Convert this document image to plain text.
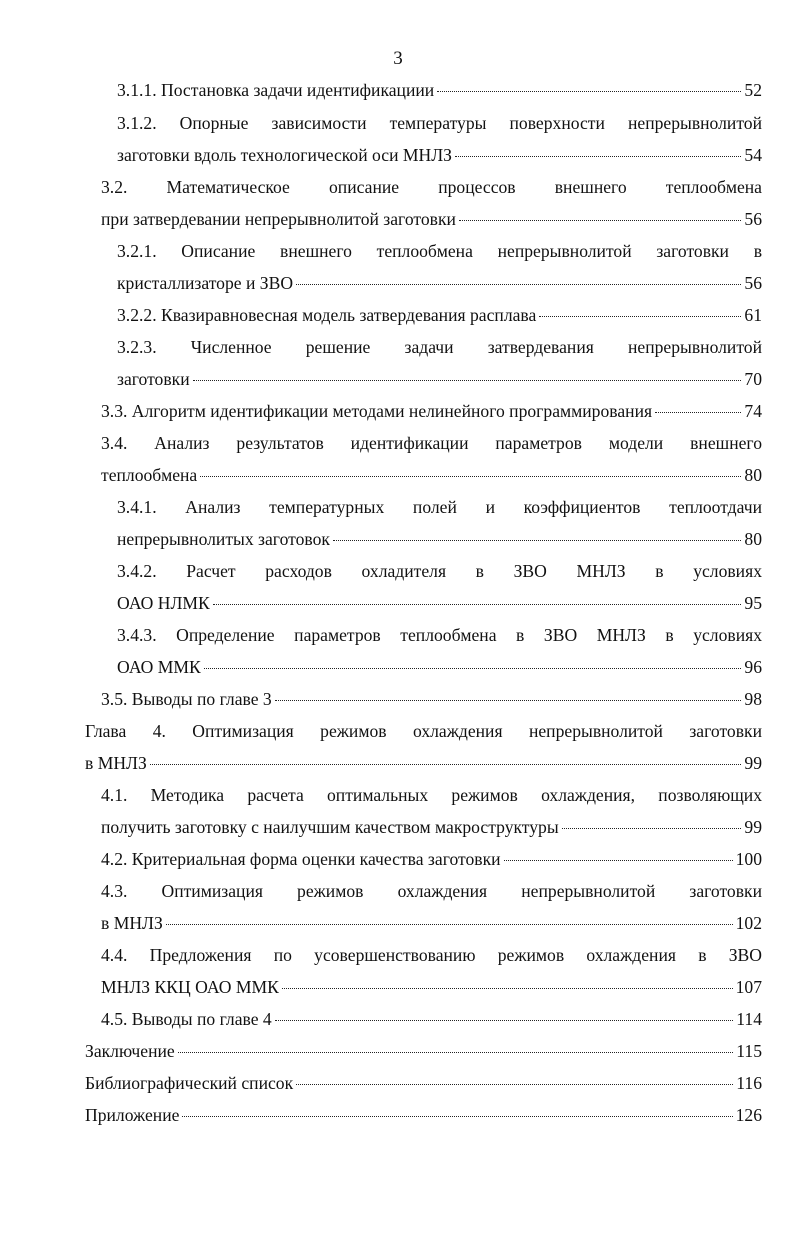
3
3.1.1. Постановка задачи идентификациии	52
3.1.2. Опорные зависимости температуры поверхности непрерывнолитой
заготовки вдоль технологической оси МНЛЗ	54
3.2. Математическое описание процессов внешнего теплообмена
при затвердевании непрерывнолитой заготовки	56
3.2.1. Описание внешнего теплообмена непрерывнолитой заготовки в
кристаллизаторе и ЗВО	56
3.2.2. Квазиравновесная модель затвердевания расплава	61
3.2.3. Численное решение задачи затвердевания непрерывнолитой
заготовки	70
3.3. Алгоритм идентификации методами нелинейного программирования	74
3.4. Анализ результатов идентификации параметров модели внешнего
теплообмена	80
3.4.1. Анализ температурных полей и коэффициентов теплоотдачи
непрерывнолитых заготовок	80
3.4.2. Расчет расходов охладителя в ЗВО МНЛЗ в условиях
ОАО НЛМК	95
3.4.3. Определение параметров теплообмена в ЗВО МНЛЗ в условиях
ОАО ММК	96
3.5. Выводы по главе 3	98
Глава 4. Оптимизация режимов охлаждения непрерывнолитой заготовки
в МНЛЗ	99
4.1. Методика расчета оптимальных режимов охлаждения, позволяющих
получить заготовку с наилучшим качеством макроструктуры	99
4.2. Критериальная форма оценки качества заготовки	100
4.3. Оптимизация режимов охлаждения непрерывнолитой заготовки
в МНЛЗ	102
4.4. Предложения по усовершенствованию режимов охлаждения в ЗВО
МНЛЗ ККЦ ОАО ММК	107
4.5. Выводы по главе 4	114
Заключение	115
Библиографический список	116
Приложение	126
